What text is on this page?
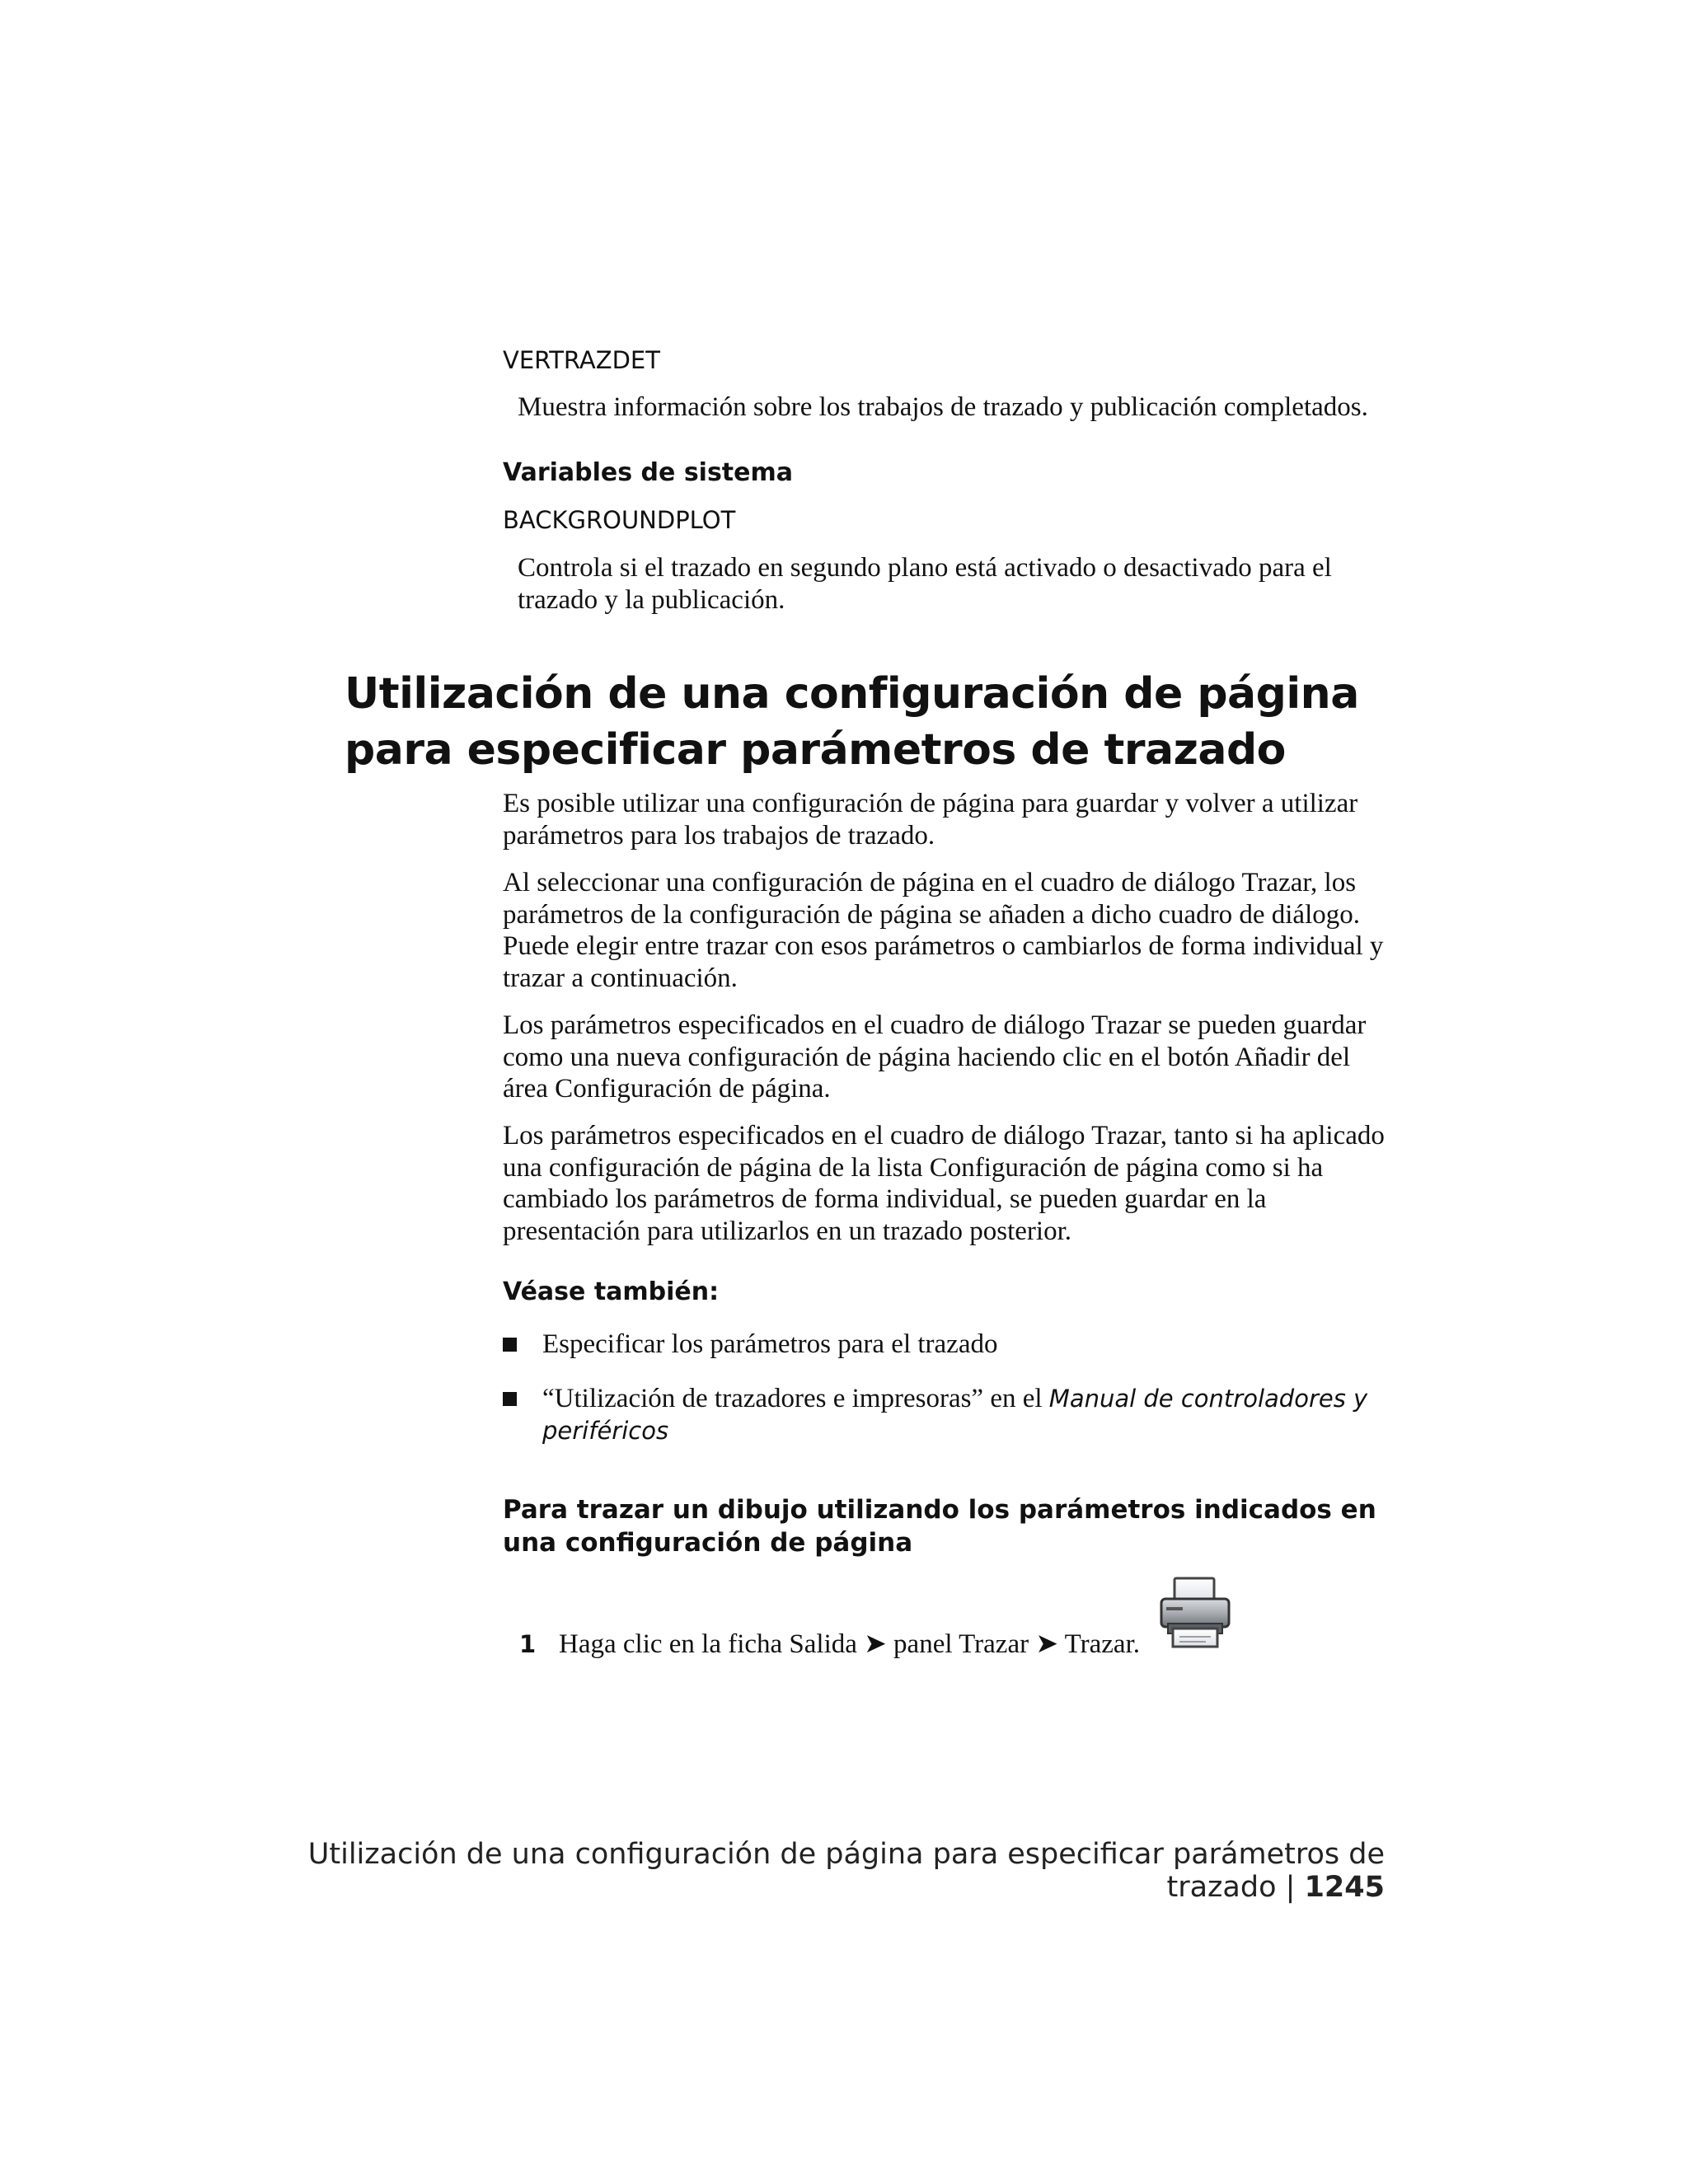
VERTRAZDET
Muestra información sobre los trabajos de trazado y publicación completados.
Variables de sistema
BACKGROUNDPLOT
Controla si el trazado en segundo plano está activado o desactivado para el trazado y la publicación.
Utilización de una configuración de página para especificar parámetros de trazado
Es posible utilizar una configuración de página para guardar y volver a utilizar parámetros para los trabajos de trazado.
Al seleccionar una configuración de página en el cuadro de diálogo Trazar, los parámetros de la configuración de página se añaden a dicho cuadro de diálogo. Puede elegir entre trazar con esos parámetros o cambiarlos de forma individual y trazar a continuación.
Los parámetros especificados en el cuadro de diálogo Trazar se pueden guardar como una nueva configuración de página haciendo clic en el botón Añadir del área Configuración de página.
Los parámetros especificados en el cuadro de diálogo Trazar, tanto si ha aplicado una configuración de página de la lista Configuración de página como si ha cambiado los parámetros de forma individual, se pueden guardar en la presentación para utilizarlos en un trazado posterior.
Véase también:
Especificar los parámetros para el trazado
“Utilización de trazadores e impresoras” en el Manual de controladores y periféricos
Para trazar un dibujo utilizando los parámetros indicados en una configuración de página
1 Haga clic en la ficha Salida ➤ panel Trazar ➤ Trazar.
Utilización de una configuración de página para especificar parámetros de trazado | 1245
